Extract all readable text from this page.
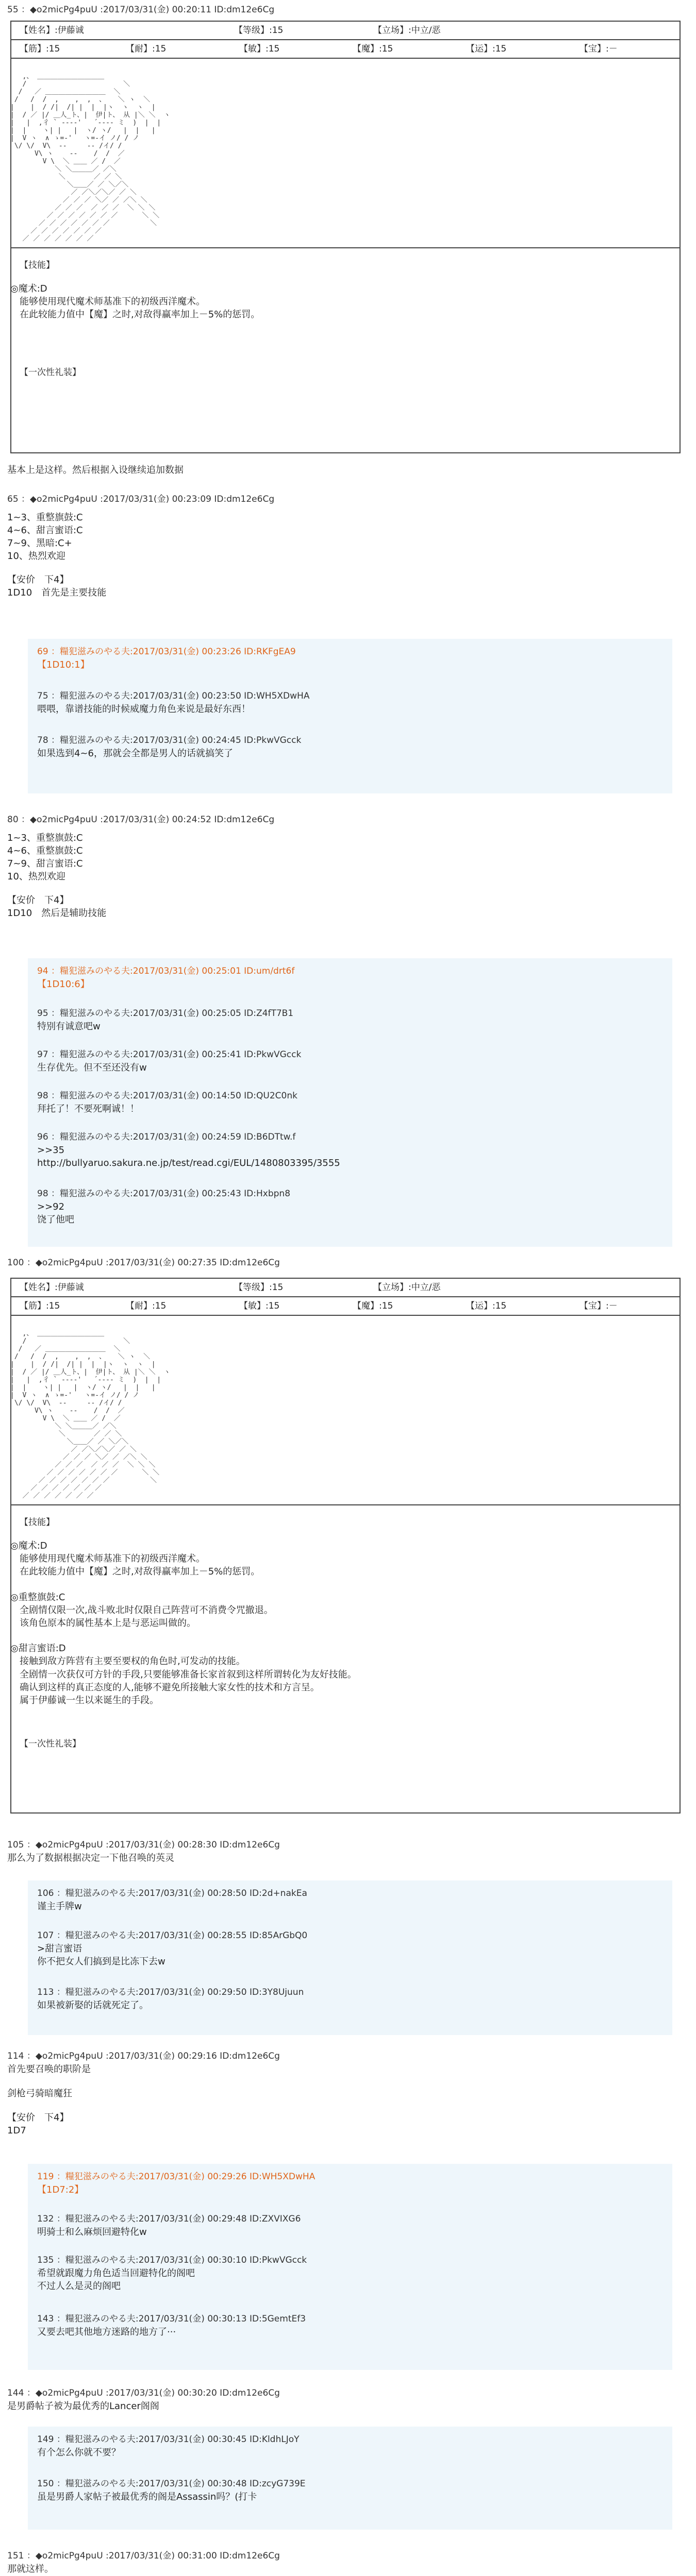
55 ：◆o2micPg4puU :2017/03/31(金) 00:20:11 ID:dm12e6Cg
【姓名】:伊藤诚	【等级】:15	【立场】:中立/恶
【筋】:15	【耐】:15	【敏】:15	【魔】:15	【运】:15	【宝】:－

,、 ＿＿＿＿＿＿＿＿＿＿
/                        ＼
/   ／ ＿＿＿＿＿＿＿＿＿  ＼
/   /  /  ,    ,  ,  、   ＼ ヽ  ＼
|    |  / /|  /| |  |  |ヽ  ヽ  ヽ  |
|  / ／ |/ ＿人_ト、|  伊|ト、 从 |＼ ＼  ヽ
|   |  ,彳 ` ‐‐‐‐'   ´‐‐‐‐ ミ  )  |  |
|  |    ヽ| |   |  ヽ/ ヽ/   |  |   |
|  V ヽ  ∧ ゝ=‐'   ヽ=‐イ ノ/ / ノ
\/ \/  V\  ‐‐     ‐‐ /イ/ /
V\ ヽ    ‐‐    /  /  ／
V \  ＼ ＿＿ ／ /  ／
＼ ＼＿＿＿／ ／＼
＼       ／ ／ ＼
＼＿＿／ ／ ＼／＼
／ ／＼／＼／ ／ ＼
／ ／ ／ ＼／ ／ ／＼ ＼
／ ／ ／  ／ ／ ／  ＼ ＼ ＼
／ ／ ／ ／ ／ ／ ／      ＼ ＼
／ ／ ／ ／ ／ ／ ／          ＼
／ ／ ／ ／ ／ ／ ／
／ ／ ／ ／ ／ ／ ／

【技能】
◎魔术:D
能够使用现代魔术师基准下的初级西洋魔术。
在此较能力值中【魔】之时,对敌得赢率加上－5%的惩罚。
【一次性礼装】
基本上是这样。然后根据入设继续追加数据
65 ：◆o2micPg4puU :2017/03/31(金) 00:23:09 ID:dm12e6Cg
1~3、重整旗鼓:C
4~6、甜言蜜语:C
7~9、黑暗:C+
10、热烈欢迎
【安价　下4】
1D10　首先是主要技能
69 ：糧犯滋みのやる夫:2017/03/31(金) 00:23:26 ID:RKFgEA9
【1D10:1】
75 ：糧犯滋みのやる夫:2017/03/31(金) 00:23:50 ID:WH5XDwHA
喂喂，靠谱技能的时候威魔力角色来说是最好东西！
78 ：糧犯滋みのやる夫:2017/03/31(金) 00:24:45 ID:PkwVGcck
如果选到4~6，那就会全都是男人的话就搞笑了
80 ：◆o2micPg4puU :2017/03/31(金) 00:24:52 ID:dm12e6Cg
1~3、重整旗鼓:C
4~6、重整旗鼓:C
7~9、甜言蜜语:C
10、热烈欢迎
【安价　下4】
1D10　然后是辅助技能
94 ：糧犯滋みのやる夫:2017/03/31(金) 00:25:01 ID:um/drt6f
【1D10:6】
95 ：糧犯滋みのやる夫:2017/03/31(金) 00:25:05 ID:Z4fT7B1
特别有诚意吧w
97 ：糧犯滋みのやる夫:2017/03/31(金) 00:25:41 ID:PkwVGcck
生存优先。但不至还没有w
98 ：糧犯滋みのやる夫:2017/03/31(金) 00:14:50 ID:QU2C0nk
拜托了！不要死啊诚！！
96 ：糧犯滋みのやる夫:2017/03/31(金) 00:24:59 ID:B6DTtw.f
>>35
http://bullyaruo.sakura.ne.jp/test/read.cgi/EUL/1480803395/3555
98 ：糧犯滋みのやる夫:2017/03/31(金) 00:25:43 ID:Hxbpn8
>>92
饶了他吧
100 ：◆o2micPg4puU :2017/03/31(金) 00:27:35 ID:dm12e6Cg
【姓名】:伊藤诚	【等级】:15	【立场】:中立/恶
【筋】:15	【耐】:15	【敏】:15	【魔】:15	【运】:15	【宝】:－

,、 ＿＿＿＿＿＿＿＿＿＿
/                        ＼
/   ／ ＿＿＿＿＿＿＿＿＿  ＼
/   /  /  ,    ,  ,  、   ＼ ヽ  ＼
|    |  / /|  /| |  |  |ヽ  ヽ  ヽ  |
|  / ／ |/ ＿人_ト、|  伊|ト、 从 |＼ ＼  ヽ
|   |  ,彳 ` ‐‐‐‐'   ´‐‐‐‐ ミ  )  |  |
|  |    ヽ| |   |  ヽ/ ヽ/   |  |   |
|  V ヽ  ∧ ゝ=‐'   ヽ=‐イ ノ/ / ノ
\/ \/  V\  ‐‐     ‐‐ /イ/ /
V\ ヽ    ‐‐    /  /  ／
V \  ＼ ＿＿ ／ /  ／
＼ ＼＿＿＿／ ／＼
＼       ／ ／ ＼
＼＿＿／ ／ ＼／＼
／ ／＼／＼／ ／ ＼
／ ／ ／ ＼／ ／ ／＼ ＼
／ ／ ／  ／ ／ ／  ＼ ＼ ＼
／ ／ ／ ／ ／ ／ ／      ＼ ＼
／ ／ ／ ／ ／ ／ ／          ＼
／ ／ ／ ／ ／ ／ ／
／ ／ ／ ／ ／ ／ ／

【技能】
◎魔术:D
能够使用现代魔术师基准下的初级西洋魔术。
在此较能力值中【魔】之时,对敌得赢率加上－5%的惩罚。
◎重整旗鼓:C
全剧情仅限一次,战斗败北时仅限自己阵营可不消费令咒撤退。
该角色原本的属性基本上是与恶运叫做的。
◎甜言蜜语:D
接触到敌方阵营有主要至要权的角色时,可发动的技能。
全剧情一次获仅可方针的手段,只要能够准备长家首叙到这样所谓转化为友好技能。
确认到这样的真正态度的人,能够不避免所接触大家女性的技术和方言呈。
属于伊藤诚一生以来诞生的手段。
【一次性礼装】
105 ：◆o2micPg4puU :2017/03/31(金) 00:28:30 ID:dm12e6Cg
那么为了数据根据决定一下他召唤的英灵
106 ：糧犯滋みのやる夫:2017/03/31(金) 00:28:50 ID:2d+nakEa
谨主手牌w
107 ：糧犯滋みのやる夫:2017/03/31(金) 00:28:55 ID:85ArGbQ0
>甜言蜜语
你不把女人们搞到是比冻下去w
113 ：糧犯滋みのやる夫:2017/03/31(金) 00:29:50 ID:3Y8Ujuun
如果被新娶的话就死定了。
114 ：◆o2micPg4puU :2017/03/31(金) 00:29:16 ID:dm12e6Cg
首先要召唤的职阶是
剑枪弓骑暗魔狂
【安价　下4】
1D7
119 ：糧犯滋みのやる夫:2017/03/31(金) 00:29:26 ID:WH5XDwHA
【1D7:2】
132 ：糧犯滋みのやる夫:2017/03/31(金) 00:29:48 ID:ZXVIXG6
明骑士和么麻烦回避特化w
135 ：糧犯滋みのやる夫:2017/03/31(金) 00:30:10 ID:PkwVGcck
希望就跟魔力角色适当回避特化的阁吧
不过人么是灵的阁吧
143 ：糧犯滋みのやる夫:2017/03/31(金) 00:30:13 ID:5GemtEf3
又要去吧其他地方迷路的地方了···
144 ：◆o2micPg4puU :2017/03/31(金) 00:30:20 ID:dm12e6Cg
是男爵帖子被为最优秀的Lancer阁阁
149 ：糧犯滋みのやる夫:2017/03/31(金) 00:30:45 ID:KldhLJoY
有个怎么你就不要？
150 ：糧犯滋みのやる夫:2017/03/31(金) 00:30:48 ID:zcyG739E
虽是男爵人家帖子被最优秀的阁是Assassin吗？(打卡
151 ：◆o2micPg4puU :2017/03/31(金) 00:31:00 ID:dm12e6Cg
那就这样。
